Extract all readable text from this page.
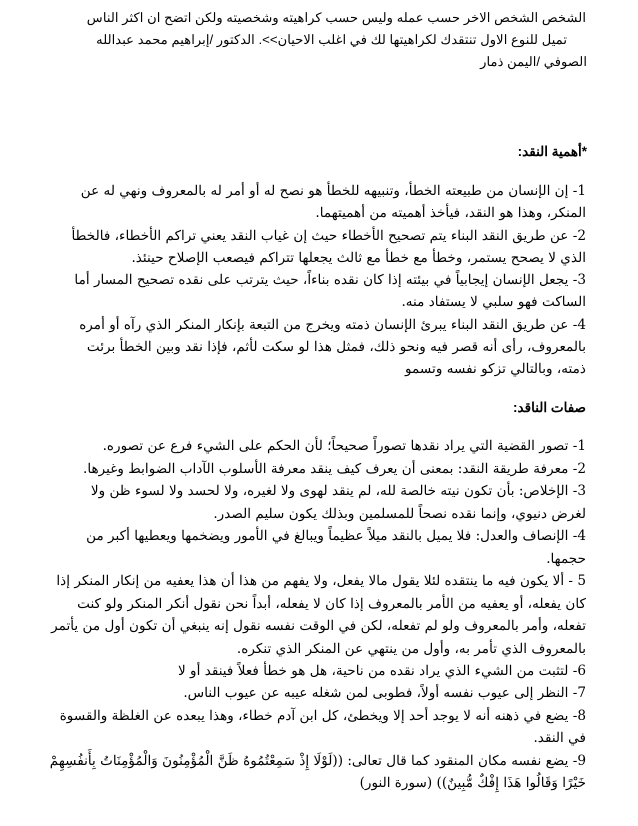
الشخص الشخص الاخر حسب عمله وليس حسب كراهيته وشخصيته ولكن اتضح ان اكثر الناس
تميل للنوع الاول تنتقدك لكراهيتها لك في اغلب الاحيان>>. الدكتور /إبراهيم محمد عبدالله
الصوفي /اليمن ذمار
*أهمية النقد:
1- إن الإنسان من طبيعته الخطأ، وتنبيهه للخطأ هو نصح له أو أمر له بالمعروف ونهي له عن
المنكر، وهذا هو النقد، فيأخذ أهميته من أهميتهما.
2- عن طريق النقد البناء يتم تصحيح الأخطاء حيث إن غياب النقد يعني تراكم الأخطاء، فالخطأ
الذي لا يصحح يستمر، وخطأ مع خطأ مع ثالث يجعلها تتراكم فيصعب الإصلاح حينئذ.
3- يجعل الإنسان إيجابياً في بيئته إذا كان نقده بناءاً، حيث يترتب على نقده تصحيح المسار أما
الساكت فهو سلبي لا يستفاد منه.
4- عن طريق النقد البناء يبرئ الإنسان ذمته ويخرج من التبعة بإنكار المنكر الذي رآه أو أمره
بالمعروف، رأى أنه قصر فيه ونحو ذلك، فمثل هذا لو سكت لأثم، فإذا نقد وبين الخطأ برئت
ذمته، وبالتالي تزكو نفسه وتسمو
صفات الناقد:
1- تصور القضية التي يراد نقدها تصوراً صحيحاً؛ لأن الحكم على الشيء فرع عن تصوره.
2- معرفة طريقة النقد: بمعنى أن يعرف كيف ينقد معرفة الأسلوب الآداب الضوابط وغيرها.
3- الإخلاص: بأن تكون نيته خالصة لله، لم ينقد لهوى ولا لغيره، ولا لحسد ولا لسوء ظن ولا
لغرض دنيوي، وإنما نقده نصحاً للمسلمين وبذلك يكون سليم الصدر.
4- الإنصاف والعدل: فلا يميل بالنقد ميلاً عظيماً ويبالغ في الأمور ويضخمها ويعطيها أكبر من
حجمها.
5 - ألا يكون فيه ما ينتقده لئلا يقول مالا يفعل، ولا يفهم من هذا أن هذا يعفيه من إنكار المنكر إذا
كان يفعله، أو يعفيه من الأمر بالمعروف إذا كان لا يفعله، أبداً نحن نقول أنكر المنكر ولو كنت
تفعله، وأمر بالمعروف ولو لم تفعله، لكن في الوقت نفسه نقول إنه ينبغي أن تكون أول من يأتمر
بالمعروف الذي تأمر به، وأول من ينتهي عن المنكر الذي تنكره.
6- لتثبت من الشيء الذي يراد نقده من ناحية، هل هو خطأ فعلاً فينقد أو لا
7- النظر إلى عيوب نفسه أولاً، فطوبى لمن شغله عيبه عن عيوب الناس.
8- يضع في ذهنه أنه لا يوجد أحد إلا ويخطئ، كل ابن آدم خطاء، وهذا يبعده عن الغلظة والقسوة
في النقد.
9- يضع نفسه مكان المنقود كما قال تعالى: ((لَوْلَا إِذْ سَمِعْتُمُوهُ ظَنَّ الْمُؤْمِنُونَ وَالْمُؤْمِنَاتُ بِأَنفُسِهِمْ
خَيْرًا وَقَالُوا هَذَا إِفْكٌ مُّبِينٌ)) (سورة النور)
